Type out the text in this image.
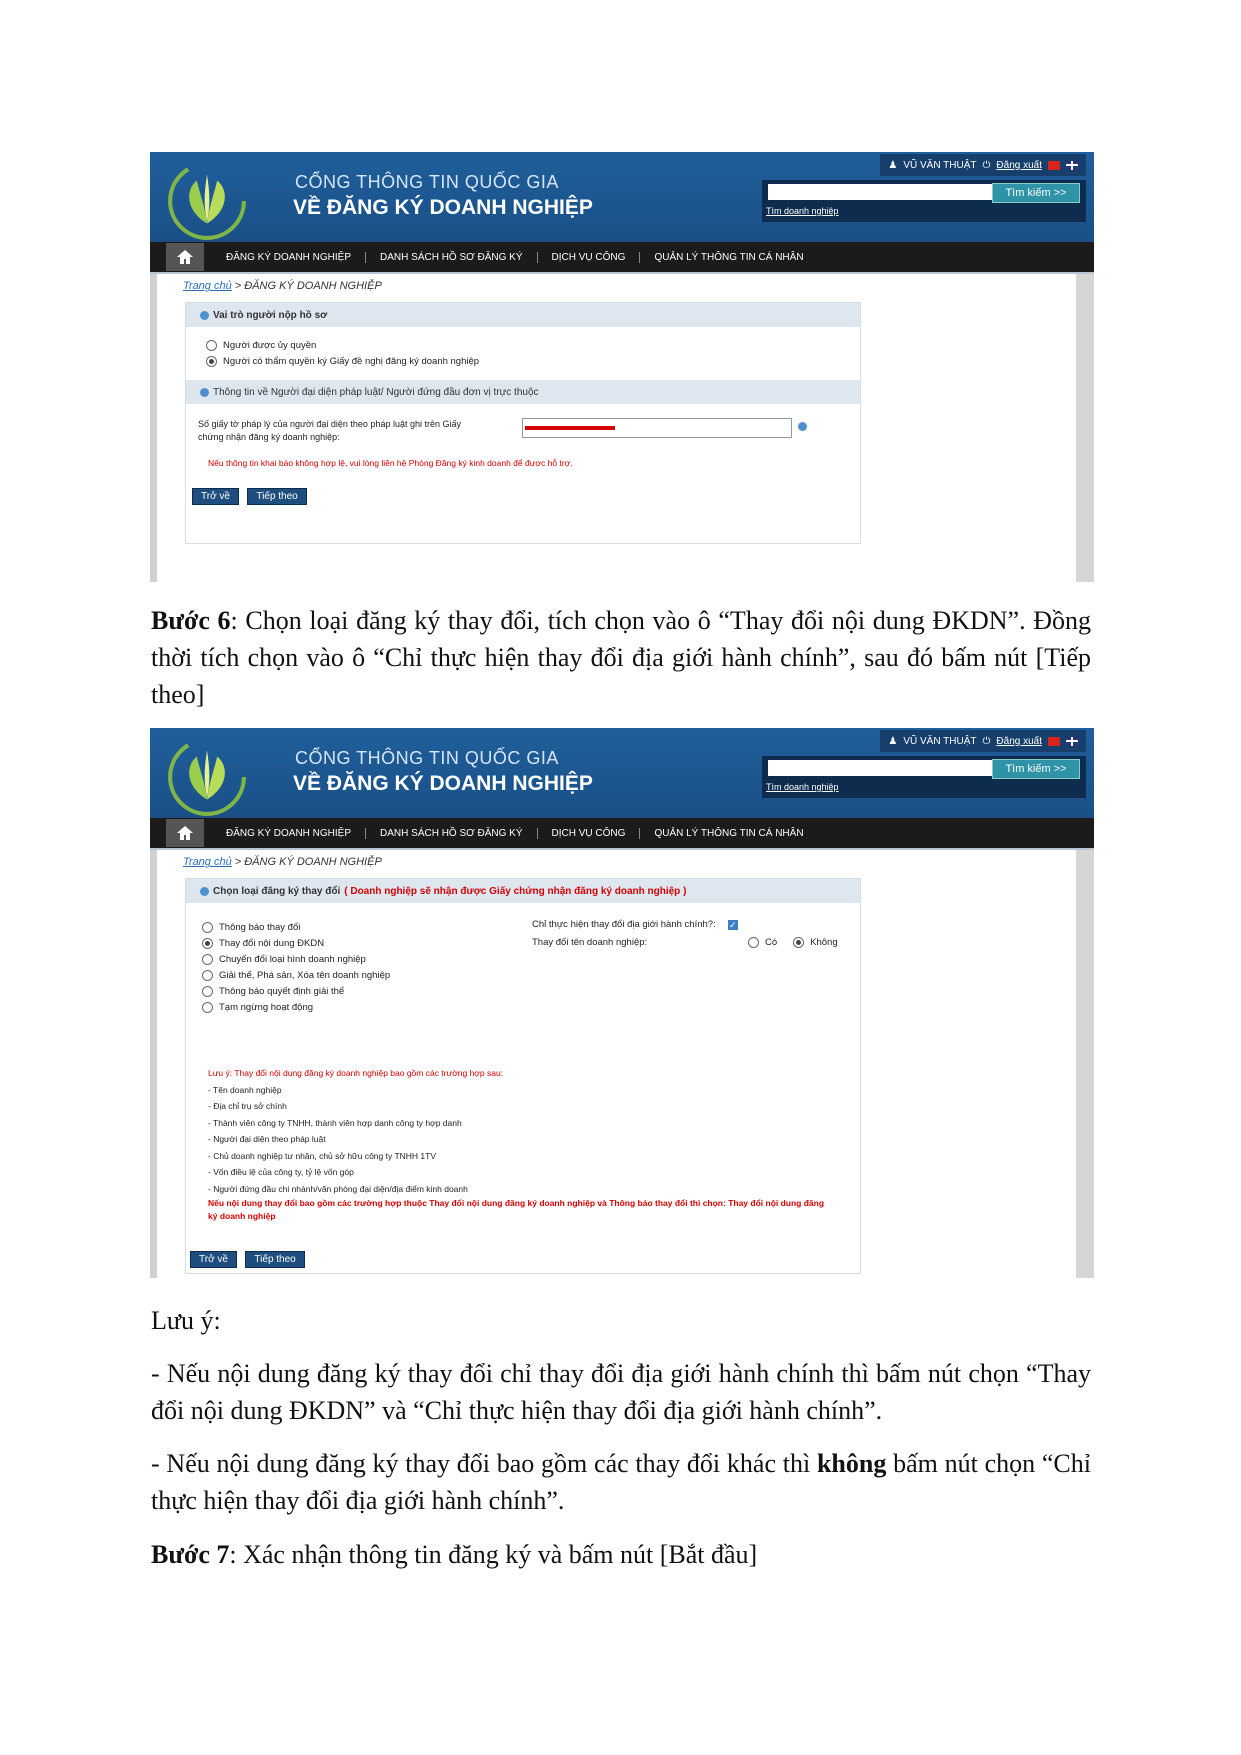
CỔNG THÔNG TIN QUỐC GIA
VỀ ĐĂNG KÝ DOANH NGHIỆP
♟ VŨ VĂN THUẬT ⏻ Đăng xuất
Tìm kiếm >>
Tìm doanh nghiệp
ĐĂNG KÝ DOANH NGHIỆP	DANH SÁCH HỒ SƠ ĐĂNG KÝ	DỊCH VỤ CÔNG	QUẢN LÝ THÔNG TIN CÁ NHÂN
Trang chủ > ĐĂNG KÝ DOANH NGHIỆP
Vai trò người nộp hồ sơ
Người được ủy quyền
Người có thẩm quyền ký Giấy đề nghị đăng ký doanh nghiệp
Thông tin về Người đại diện pháp luật/ Người đứng đầu đơn vị trực thuộc
Số giấy tờ pháp lý của người đại diện theo pháp luật ghi trên Giấy
chứng nhận đăng ký doanh nghiệp:
Nếu thông tin khai báo không hợp lệ, vui lòng liên hệ Phòng Đăng ký kinh doanh để được hỗ trợ.
Trở về	Tiếp theo
Bước 6: Chọn loại đăng ký thay đổi, tích chọn vào ô “Thay đổi nội dung ĐKDN”. Đồng thời tích chọn vào ô “Chỉ thực hiện thay đổi địa giới hành chính”, sau đó bấm nút [Tiếp theo]
CỔNG THÔNG TIN QUỐC GIA
VỀ ĐĂNG KÝ DOANH NGHIỆP
♟ VŨ VĂN THUẬT ⏻ Đăng xuất
Tìm kiếm >>
Tìm doanh nghiệp
ĐĂNG KÝ DOANH NGHIỆP	DANH SÁCH HỒ SƠ ĐĂNG KÝ	DỊCH VỤ CÔNG	QUẢN LÝ THÔNG TIN CÁ NHÂN
Trang chủ > ĐĂNG KÝ DOANH NGHIỆP
Chọn loại đăng ký thay đổi ( Doanh nghiệp sẽ nhận được Giấy chứng nhận đăng ký doanh nghiệp )
Thông báo thay đổi
Thay đổi nội dung ĐKDN
Chuyển đổi loại hình doanh nghiệp
Giải thể, Phá sản, Xóa tên doanh nghiệp
Thông báo quyết định giải thể
Tạm ngừng hoạt động
Chỉ thực hiện thay đổi địa giới hành chính?: ✓
Thay đổi tên doanh nghiệp:	Có	Không
Lưu ý: Thay đổi nội dung đăng ký doanh nghiệp bao gồm các trường hợp sau:
- Tên doanh nghiệp
- Địa chỉ trụ sở chính
- Thành viên công ty TNHH, thành viên hợp danh công ty hợp danh
- Người đại diện theo pháp luật
- Chủ doanh nghiệp tư nhân, chủ sở hữu công ty TNHH 1TV
- Vốn điều lệ của công ty, tỷ lệ vốn góp
- Người đứng đầu chi nhánh/văn phòng đại diện/địa điểm kinh doanh
Nếu nội dung thay đổi bao gồm các trường hợp thuộc Thay đổi nội dung đăng ký doanh nghiệp và Thông báo thay đổi thì chọn: Thay đổi nội dung đăng ký doanh nghiệp
Trở về	Tiếp theo
Lưu ý:
- Nếu nội dung đăng ký thay đổi chỉ thay đổi địa giới hành chính thì bấm nút chọn “Thay đổi nội dung ĐKDN” và “Chỉ thực hiện thay đổi địa giới hành chính”.
- Nếu nội dung đăng ký thay đổi bao gồm các thay đổi khác thì không bấm nút chọn “Chỉ thực hiện thay đổi địa giới hành chính”.
Bước 7: Xác nhận thông tin đăng ký và bấm nút [Bắt đầu]
